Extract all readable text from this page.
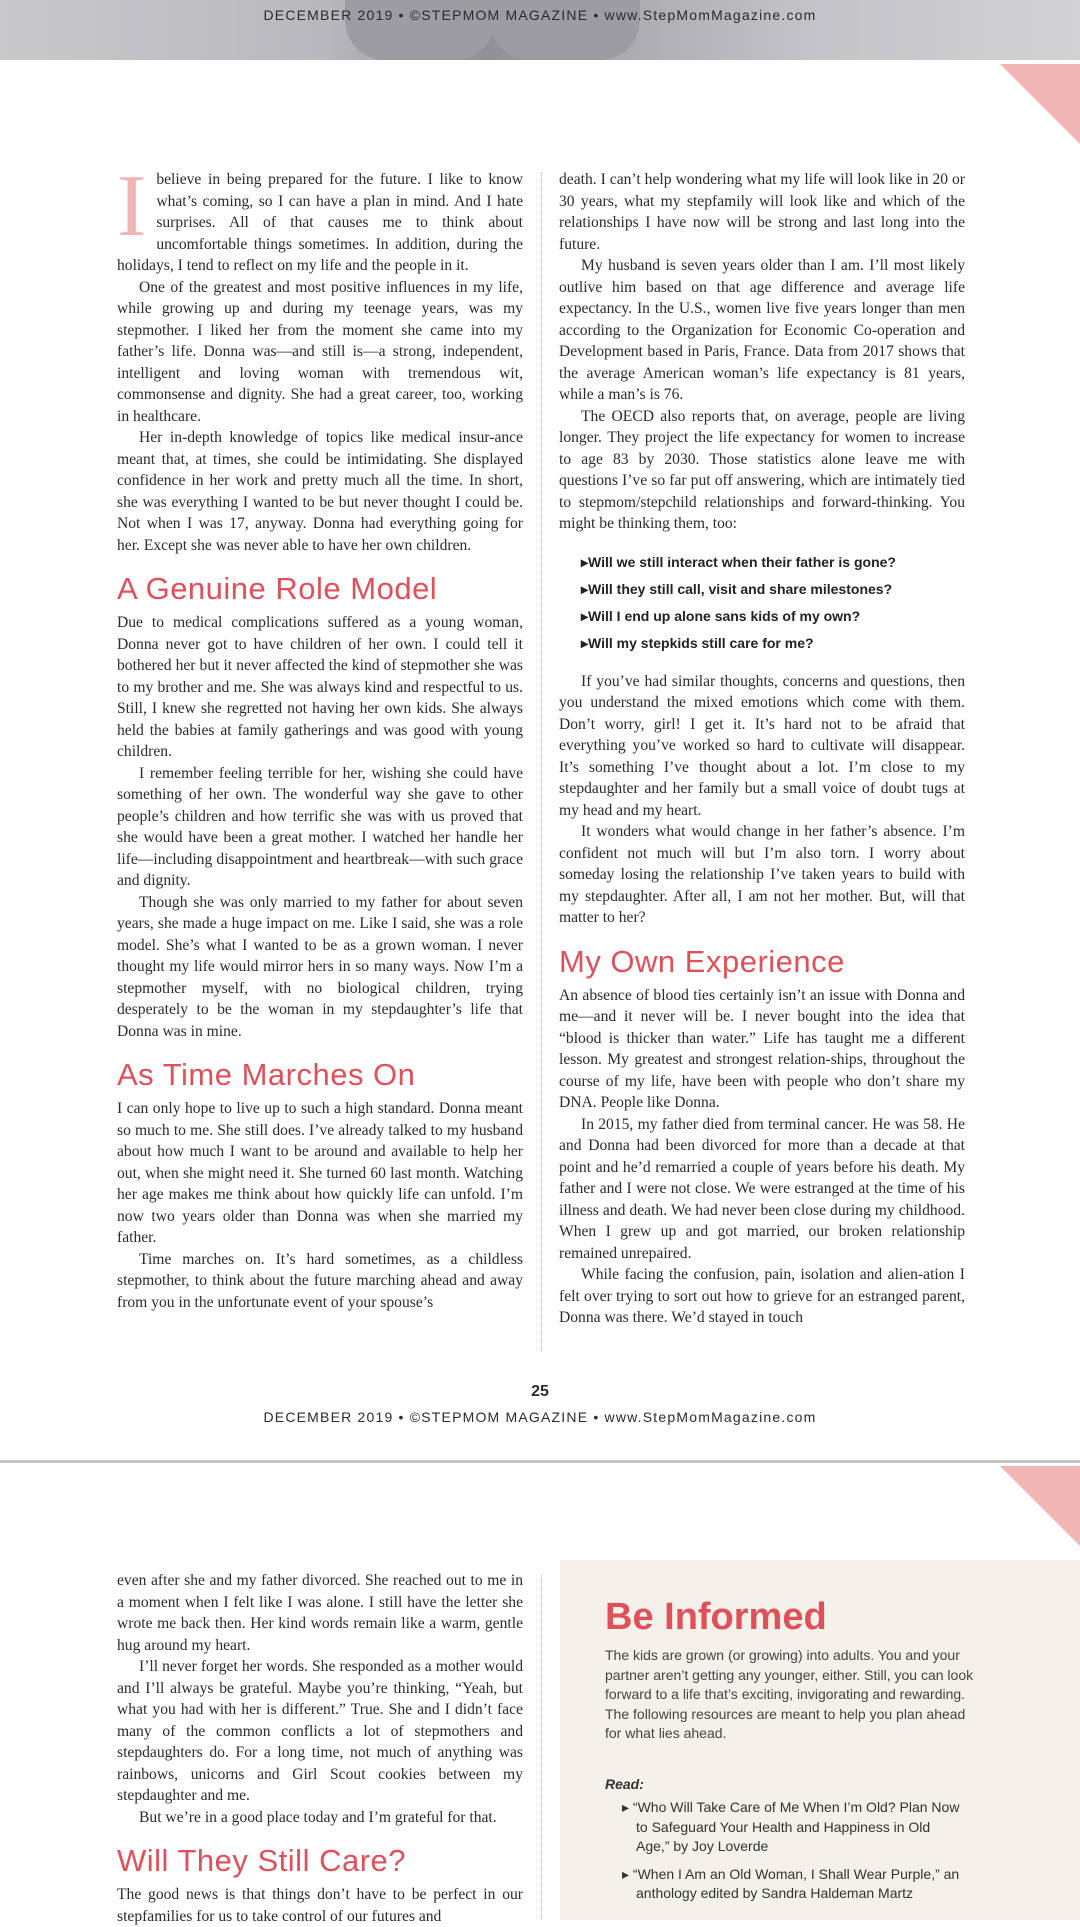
DECEMBER 2019 • ©STEPMOM MAGAZINE • www.StepMomMagazine.com

Ibelieve in being prepared for the future. I like to know what’s coming, so I can have a plan in mind. And I hate surprises. All of that causes me to think about uncomfortable things sometimes. In addition, during the holidays, I tend to reflect on my life and the people in it.

One of the greatest and most positive influences in my life, while growing up and during my teenage years, was my stepmother. I liked her from the moment she came into my father’s life. Donna was—and still is—a strong, independent, intelligent and loving woman with tremendous wit, commonsense and dignity. She had a great career, too, working in healthcare.

Her in-depth knowledge of topics like medical insur-ance meant that, at times, she could be intimidating. She displayed confidence in her work and pretty much all the time. In short, she was everything I wanted to be but never thought I could be. Not when I was 17, anyway. Donna had everything going for her. Except she was never able to have her own children.

A Genuine Role Model

Due to medical complications suffered as a young woman, Donna never got to have children of her own. I could tell it bothered her but it never affected the kind of stepmother she was to my brother and me. She was always kind and respectful to us. Still, I knew she regretted not having her own kids. She always held the babies at family gatherings and was good with young children.

I remember feeling terrible for her, wishing she could have something of her own. The wonderful way she gave to other people’s children and how terrific she was with us proved that she would have been a great mother. I watched her handle her life—including disappointment and heartbreak—with such grace and dignity.

Though she was only married to my father for about seven years, she made a huge impact on me. Like I said, she was a role model. She’s what I wanted to be as a grown woman. I never thought my life would mirror hers in so many ways. Now I’m a stepmother myself, with no biological children, trying desperately to be the woman in my stepdaughter’s life that Donna was in mine.

As Time Marches On

I can only hope to live up to such a high standard. Donna meant so much to me. She still does. I’ve already talked to my husband about how much I want to be around and available to help her out, when she might need it. She turned 60 last month. Watching her age makes me think about how quickly life can unfold. I’m now two years older than Donna was when she married my father.

Time marches on. It’s hard sometimes, as a childless stepmother, to think about the future marching ahead and away from you in the unfortunate event of your spouse’s

death. I can’t help wondering what my life will look like in 20 or 30 years, what my stepfamily will look like and which of the relationships I have now will be strong and last long into the future.

My husband is seven years older than I am. I’ll most likely outlive him based on that age difference and average life expectancy. In the U.S., women live five years longer than men according to the Organization for Economic Co-operation and Development based in Paris, France. Data from 2017 shows that the average American woman’s life expectancy is 81 years, while a man’s is 76.

The OECD also reports that, on average, people are living longer. They project the life expectancy for women to increase to age 83 by 2030. Those statistics alone leave me with questions I’ve so far put off answering, which are intimately tied to stepmom/stepchild relationships and forward-thinking. You might be thinking them, too:

▸ Will we still interact when their father is gone?
▸ Will they still call, visit and share milestones?
▸ Will I end up alone sans kids of my own?
▸ Will my stepkids still care for me?

If you’ve had similar thoughts, concerns and questions, then you understand the mixed emotions which come with them. Don’t worry, girl! I get it. It’s hard not to be afraid that everything you’ve worked so hard to cultivate will disappear. It’s something I’ve thought about a lot. I’m close to my stepdaughter and her family but a small voice of doubt tugs at my head and my heart.

It wonders what would change in her father’s absence. I’m confident not much will but I’m also torn. I worry about someday losing the relationship I’ve taken years to build with my stepdaughter. After all, I am not her mother. But, will that matter to her?

My Own Experience

An absence of blood ties certainly isn’t an issue with Donna and me—and it never will be. I never bought into the idea that “blood is thicker than water.” Life has taught me a different lesson. My greatest and strongest relation-ships, throughout the course of my life, have been with people who don’t share my DNA. People like Donna.

In 2015, my father died from terminal cancer. He was 58. He and Donna had been divorced for more than a decade at that point and he’d remarried a couple of years before his death. My father and I were not close. We were estranged at the time of his illness and death. We had never been close during my childhood. When I grew up and got married, our broken relationship remained unrepaired.

While facing the confusion, pain, isolation and alien-ation I felt over trying to sort out how to grieve for an estranged parent, Donna was there. We’d stayed in touch

25
DECEMBER 2019 • ©STEPMOM MAGAZINE • www.StepMomMagazine.com

even after she and my father divorced. She reached out to me in a moment when I felt like I was alone. I still have the letter she wrote me back then. Her kind words remain like a warm, gentle hug around my heart.

I’ll never forget her words. She responded as a mother would and I’ll always be grateful. Maybe you’re thinking, “Yeah, but what you had with her is different.” True. She and I didn’t face many of the common conflicts a lot of stepmothers and stepdaughters do. For a long time, not much of anything was rainbows, unicorns and Girl Scout cookies between my stepdaughter and me.

But we’re in a good place today and I’m grateful for that.

Will They Still Care?

The good news is that things don’t have to be perfect in our stepfamilies for us to take control of our futures and

Be Informed
The kids are grown (or growing) into adults. You and your partner aren’t getting any younger, either. Still, you can look forward to a life that’s exciting, invigorating and rewarding. The following resources are meant to help you plan ahead for what lies ahead.
Read:
▸ “Who Will Take Care of Me When I’m Old? Plan Now to Safeguard Your Health and Happiness in Old Age,” by Joy Loverde
▸ “When I Am an Old Woman, I Shall Wear Purple,” an anthology edited by Sandra Haldeman Martz
